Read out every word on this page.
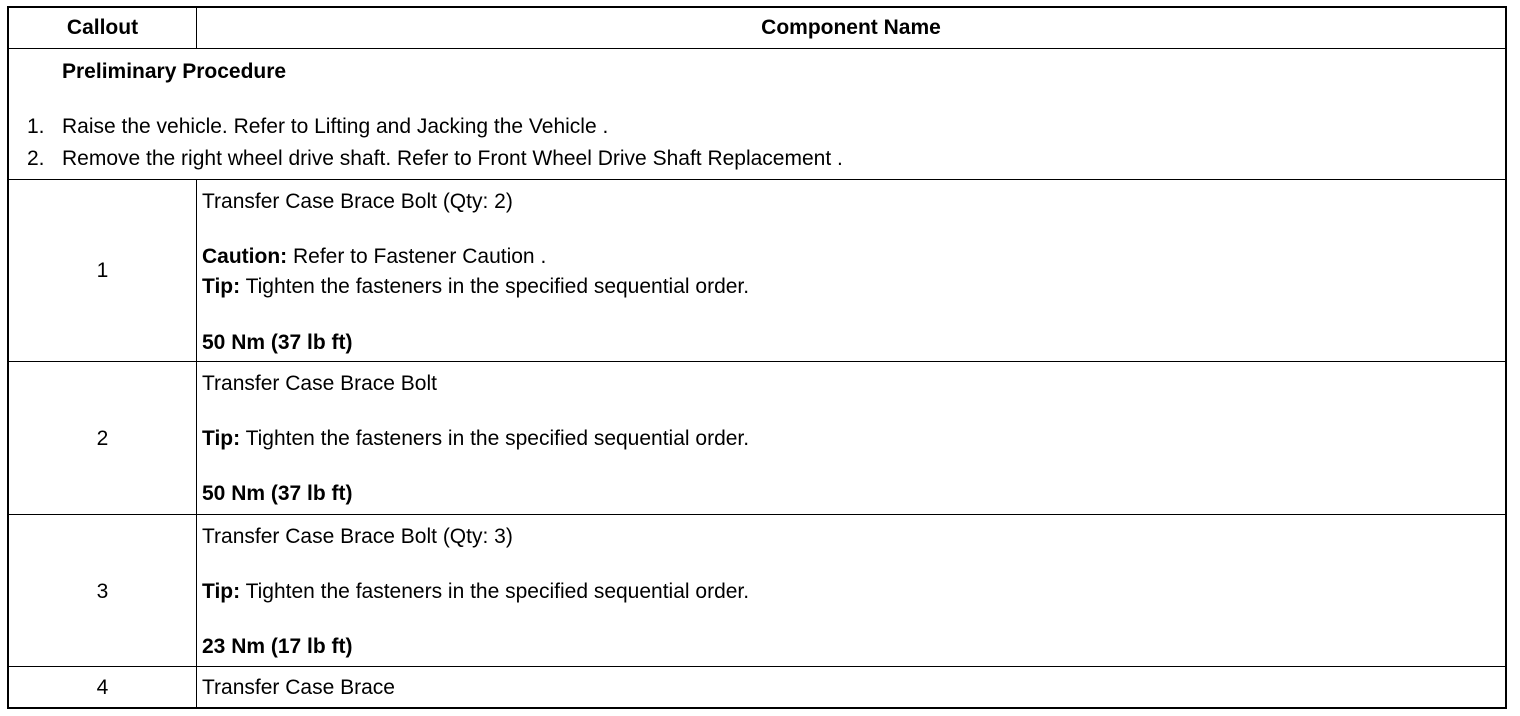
Callout	Component Name
Preliminary Procedure
1. Raise the vehicle. Refer to Lifting and Jacking the Vehicle .
2. Remove the right wheel drive shaft. Refer to Front Wheel Drive Shaft Replacement .
1
Transfer Case Brace Bolt (Qty: 2)
Caution: Refer to Fastener Caution .
Tip: Tighten the fasteners in the specified sequential order.
50 Nm (37 lb ft)
2
Transfer Case Brace Bolt
Tip: Tighten the fasteners in the specified sequential order.
50 Nm (37 lb ft)
3
Transfer Case Brace Bolt (Qty: 3)
Tip: Tighten the fasteners in the specified sequential order.
23 Nm (17 lb ft)
4	Transfer Case Brace
